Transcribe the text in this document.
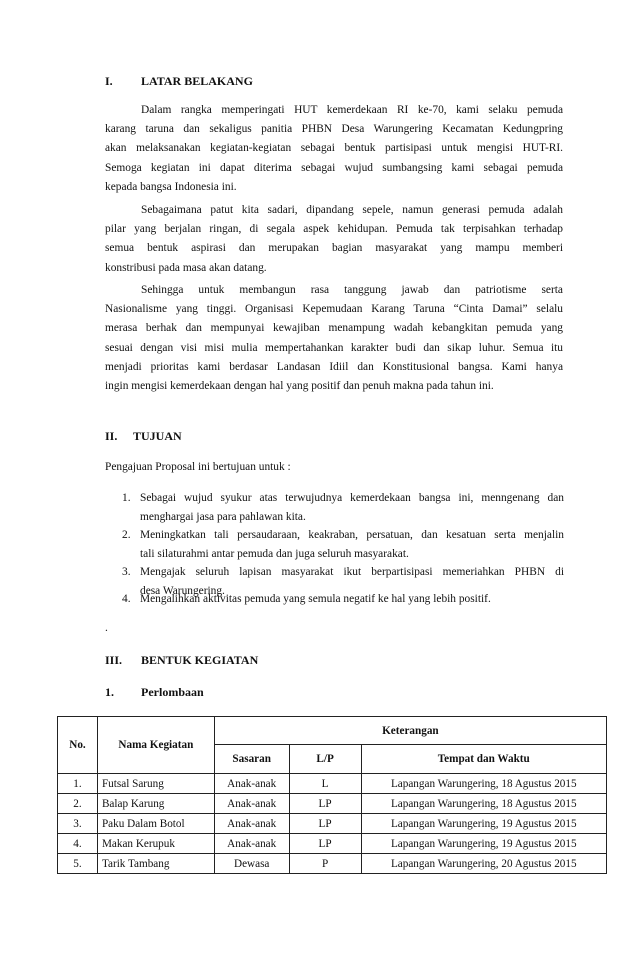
I. LATAR BELAKANG
Dalam rangka memperingati HUT kemerdekaan RI ke-70, kami selaku pemuda
karang taruna dan sekaligus panitia PHBN Desa Warungering Kecamatan Kedungpring
akan melaksanakan kegiatan-kegiatan sebagai bentuk partisipasi untuk mengisi HUT-RI.
Semoga kegiatan ini dapat diterima sebagai wujud sumbangsing kami sebagai pemuda
kepada bangsa Indonesia ini.
Sebagaimana patut kita sadari, dipandang sepele, namun generasi pemuda adalah
pilar yang berjalan ringan, di segala aspek kehidupan. Pemuda tak terpisahkan terhadap
semua bentuk aspirasi dan merupakan bagian masyarakat yang mampu memberi
konstribusi pada masa akan datang.
Sehingga untuk membangun rasa tanggung jawab dan patriotisme serta
Nasionalisme yang tinggi. Organisasi Kepemudaan Karang Taruna “Cinta Damai” selalu
merasa berhak dan mempunyai kewajiban menampung wadah kebangkitan pemuda yang
sesuai dengan visi misi mulia mempertahankan karakter budi dan sikap luhur. Semua itu
menjadi prioritas kami berdasar Landasan Idiil dan Konstitusional bangsa. Kami hanya
ingin mengisi kemerdekaan dengan hal yang positif dan penuh makna pada tahun ini.
II. TUJUAN
Pengajuan Proposal ini bertujuan untuk :
1. Sebagai wujud syukur atas terwujudnya kemerdekaan bangsa ini, menngenang dan
menghargai jasa para pahlawan kita.
2. Meningkatkan tali persaudaraan, keakraban, persatuan, dan kesatuan serta menjalin
tali silaturahmi antar pemuda dan juga seluruh masyarakat.
3. Mengajak seluruh lapisan masyarakat ikut berpartisipasi memeriahkan PHBN di
desa Warungering.
4. Mengalihkan aktivitas pemuda yang semula negatif ke hal yang lebih positif.
.
III. BENTUK KEGIATAN
1. Perlombaan
No.	Nama Kegiatan	Keterangan		
		Sasaran	L/P	Tempat dan Waktu
1.	Futsal Sarung	Anak-anak	L	Lapangan Warungering, 18 Agustus 2015
2.	Balap Karung	Anak-anak	LP	Lapangan Warungering, 18 Agustus 2015
3.	Paku Dalam Botol	Anak-anak	LP	Lapangan Warungering, 19 Agustus 2015
4.	Makan Kerupuk	Anak-anak	LP	Lapangan Warungering, 19 Agustus 2015
5.	Tarik Tambang	Dewasa	P	Lapangan Warungering, 20 Agustus 2015
